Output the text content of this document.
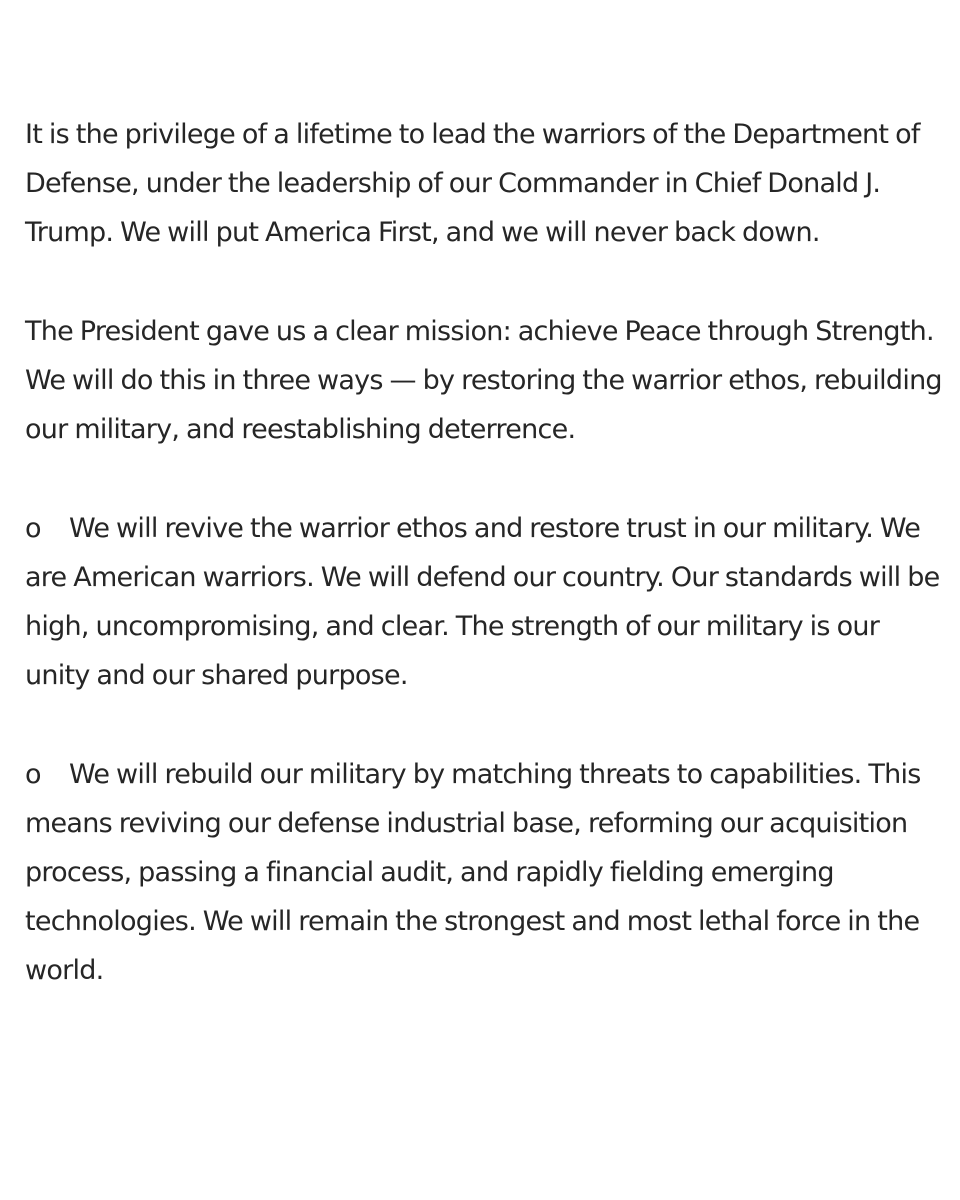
It is the privilege of a lifetime to lead the warriors of the Department of Defense, under the leadership of our Commander in Chief Donald J. Trump. We will put America First, and we will never back down.

The President gave us a clear mission: achieve Peace through Strength. We will do this in three ways — by restoring the warrior ethos, rebuilding our military, and reestablishing deterrence.

o We will revive the warrior ethos and restore trust in our military. We are American warriors. We will defend our country. Our standards will be high, uncompromising, and clear. The strength of our military is our unity and our shared purpose.

o We will rebuild our military by matching threats to capabilities. This means reviving our defense industrial base, reforming our acquisition process, passing a financial audit, and rapidly fielding emerging technologies. We will remain the strongest and most lethal force in the world.
